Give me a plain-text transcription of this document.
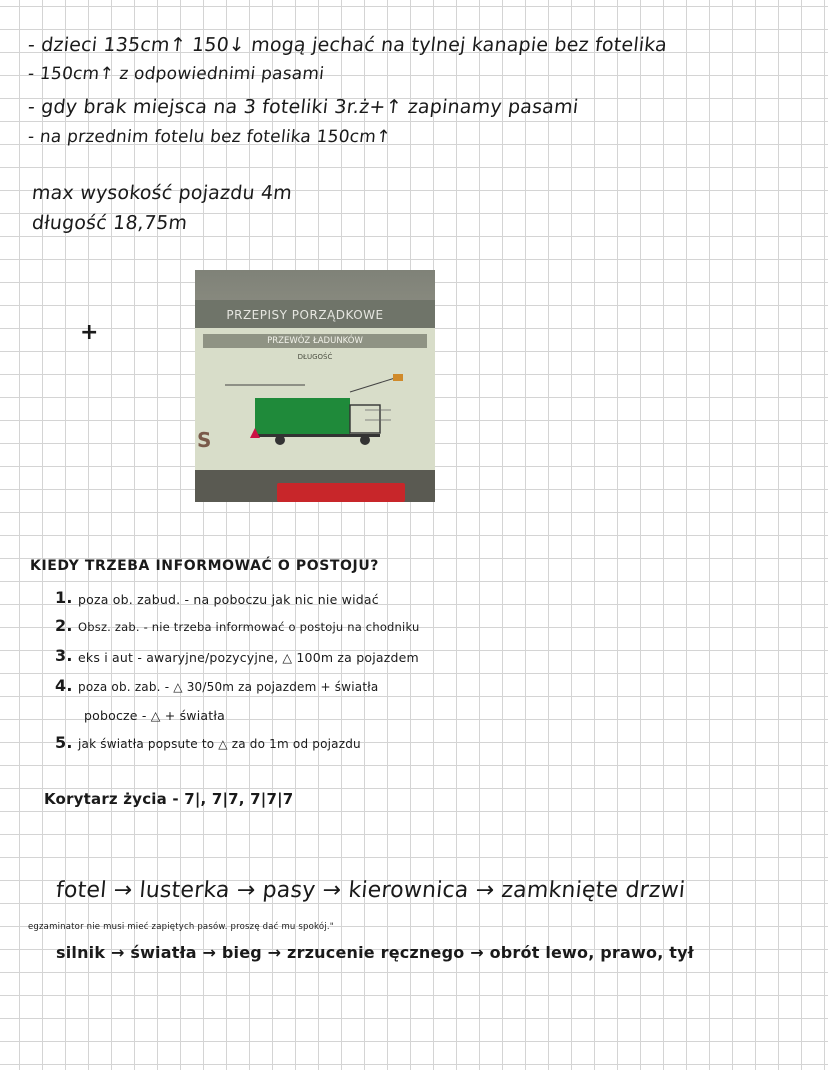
- dzieci 135cm↑ 150↓ mogą jechać na tylnej kanapie bez fotelika
- 150cm↑ z odpowiednimi pasami
- gdy brak miejsca na 3 foteliki 3r.ż+↑ zapinamy pasami
- na przednim fotelu bez fotelika 150cm↑
max wysokość pojazdu 4m
długość 18,75m
+
PRZEPISY PORZĄDKOWE
PRZEWÓZ ŁADUNKÓW
DŁUGOŚĆ
S
KIEDY TRZEBA INFORMOWAĆ O POSTOJU?
1. poza ob. zabud. - na poboczu jak nic nie widać
2. Obsz. zab. - nie trzeba informować o postoju na chodniku
3. eks i aut - awaryjne/pozycyjne, △ 100m za pojazdem
4. poza ob. zab. - △ 30/50m za pojazdem + światła
pobocze - △ + światła
5. jak światła popsute to △ za do 1m od pojazdu
Korytarz życia - 7|, 7|7, 7|7|7
fotel → lusterka → pasy → kierownica → zamknięte drzwi
egzaminator nie musi mieć zapiętych pasów. proszę dać mu spokój."
silnik → światła → bieg → zrzucenie ręcznego → obrót lewo, prawo, tył
